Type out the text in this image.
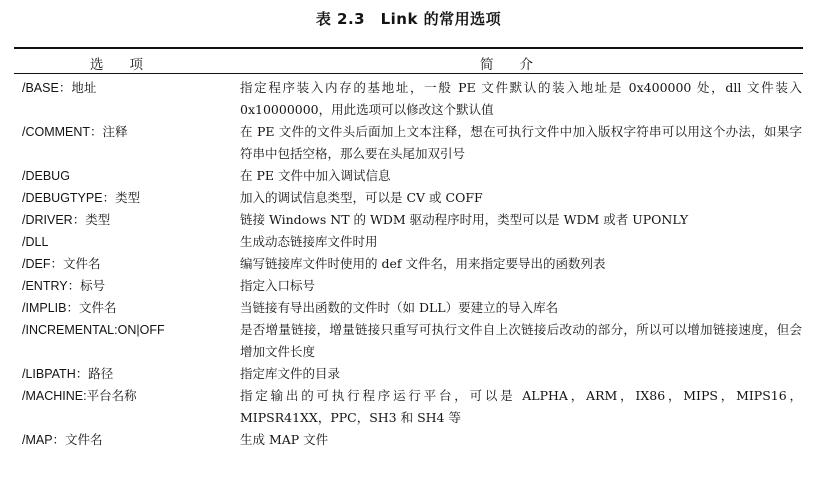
表 2.3　Link 的常用选项
选项	简介
/BASE：地址	指定程序装入内存的基地址，一般 PE 文件默认的装入地址是 0x400000 处，dll 文件装入 0x10000000，用此选项可以修改这个默认值
/COMMENT：注释	在 PE 文件的文件头后面加上文本注释，想在可执行文件中加入版权字符串可以用这个办法，如果字符串中包括空格，那么要在头尾加双引号
/DEBUG	在 PE 文件中加入调试信息
/DEBUGTYPE：类型	加入的调试信息类型，可以是 CV 或 COFF
/DRIVER：类型	链接 Windows NT 的 WDM 驱动程序时用，类型可以是 WDM 或者 UPONLY
/DLL	生成动态链接库文件时用
/DEF：文件名	编写链接库文件时使用的 def 文件名，用来指定要导出的函数列表
/ENTRY：标号	指定入口标号
/IMPLIB：文件名	当链接有导出函数的文件时（如 DLL）要建立的导入库名
/INCREMENTAL:ON|OFF	是否增量链接，增量链接只重写可执行文件自上次链接后改动的部分，所以可以增加链接速度，但会增加文件长度
/LIBPATH：路径	指定库文件的目录
/MACHINE:平台名称	指定输出的可执行程序运行平台，可以是 ALPHA，ARM，IX86，MIPS，MIPS16，MIPSR41XX，PPC，SH3 和 SH4 等
/MAP：文件名	生成 MAP 文件
